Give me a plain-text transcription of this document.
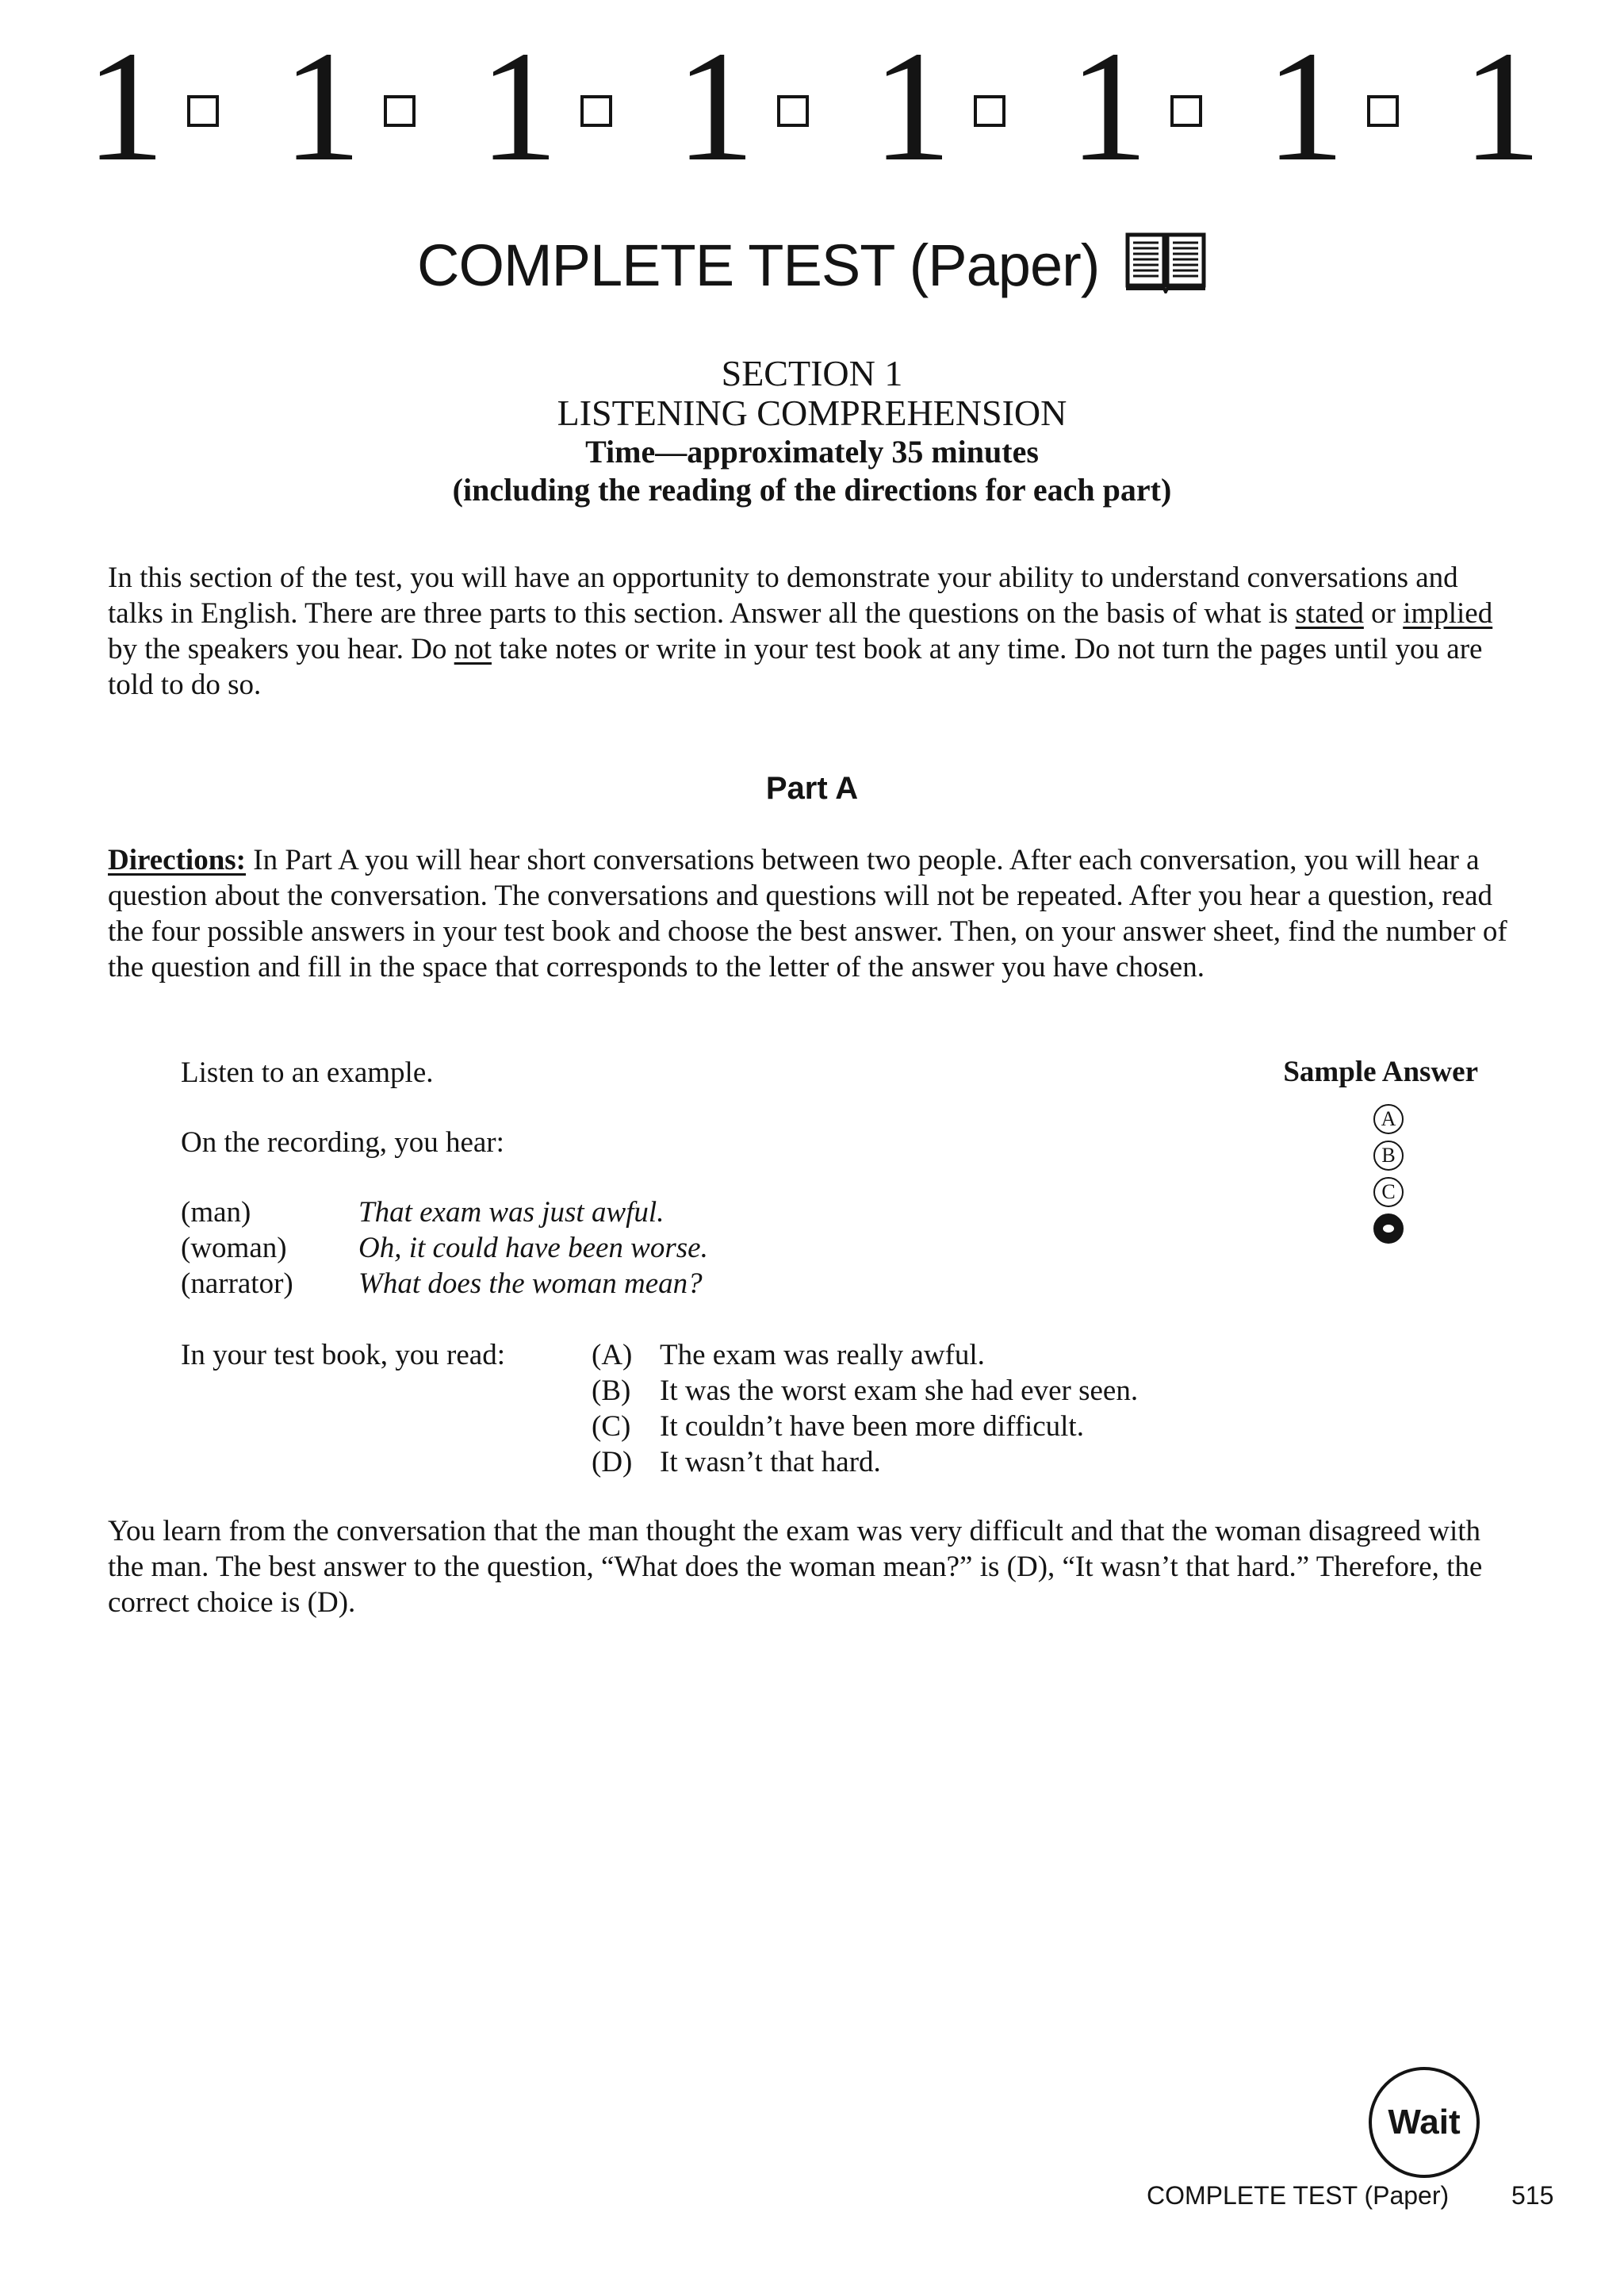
1 1 1 1 1 1 1 1
COMPLETE TEST (Paper)
SECTION 1
LISTENING COMPREHENSION
Time—approximately 35 minutes
(including the reading of the directions for each part)
In this section of the test, you will have an opportunity to demonstrate your ability to understand conversations and talks in English. There are three parts to this section. Answer all the questions on the basis of what is stated or implied by the speakers you hear. Do not take notes or write in your test book at any time. Do not turn the pages until you are told to do so.
Part A
Directions: In Part A you will hear short conversations between two people. After each conversation, you will hear a question about the conversation. The conversations and questions will not be repeated. After you hear a question, read the four possible answers in your test book and choose the best answer. Then, on your answer sheet, find the number of the question and fill in the space that corresponds to the letter of the answer you have chosen.
Listen to an example.	Sample Answer
A
B
C
On the recording, you hear:
(man)	That exam was just awful.
(woman) Oh, it could have been worse.
(narrator) What does the woman mean?
In your test book, you read:	(A) The exam was really awful.
(B) It was the worst exam she had ever seen.
(C) It couldn’t have been more difficult.
(D) It wasn’t that hard.
You learn from the conversation that the man thought the exam was very difficult and that the woman disagreed with the man. The best answer to the question, “What does the woman mean?” is (D), “It wasn’t that hard.” Therefore, the correct choice is (D).
Wait
COMPLETE TEST (Paper) 515
